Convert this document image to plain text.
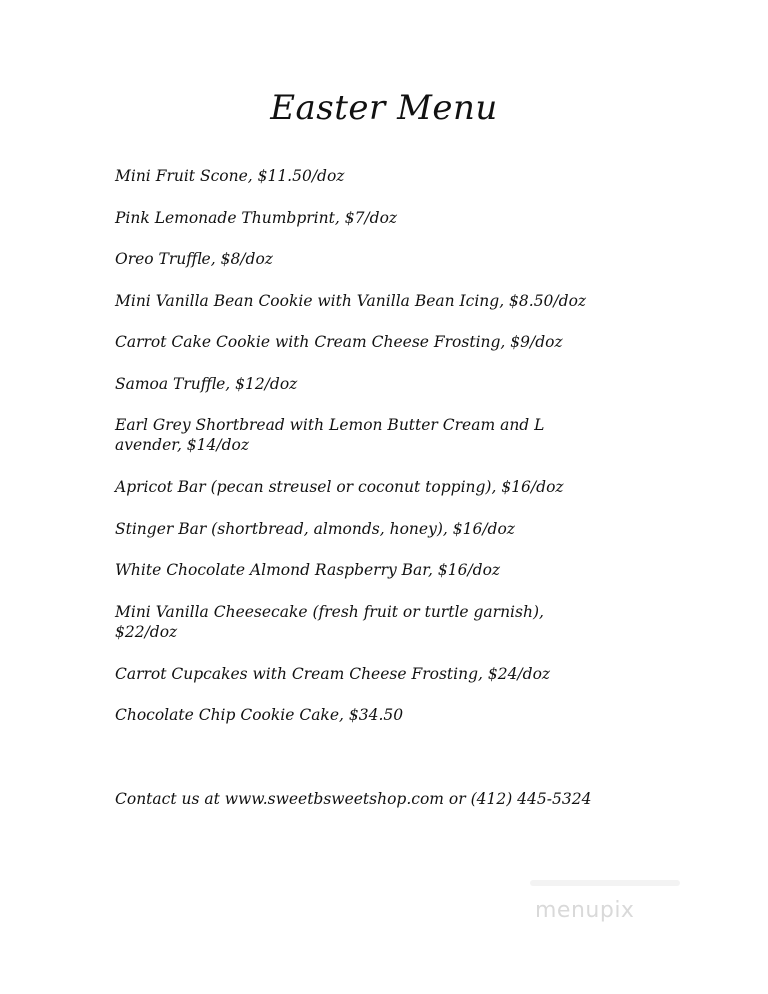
Easter Menu
Mini Fruit Scone, $11.50/doz
Pink Lemonade Thumbprint, $7/doz
Oreo Truffle, $8/doz
Mini Vanilla Bean Cookie with Vanilla Bean Icing, $8.50/doz
Carrot Cake Cookie with Cream Cheese Frosting, $9/doz
Samoa Truffle, $12/doz
Earl Grey Shortbread with Lemon Butter Cream and L
avender, $14/doz
Apricot Bar (pecan streusel or coconut topping), $16/doz
Stinger Bar (shortbread, almonds, honey), $16/doz
White Chocolate Almond Raspberry Bar, $16/doz
Mini Vanilla Cheesecake (fresh fruit or turtle garnish),
$22/doz
Carrot Cupcakes with Cream Cheese Frosting, $24/doz
Chocolate Chip Cookie Cake, $34.50
Contact us at www.sweetbsweetshop.com or (412) 445-5324
menupix
